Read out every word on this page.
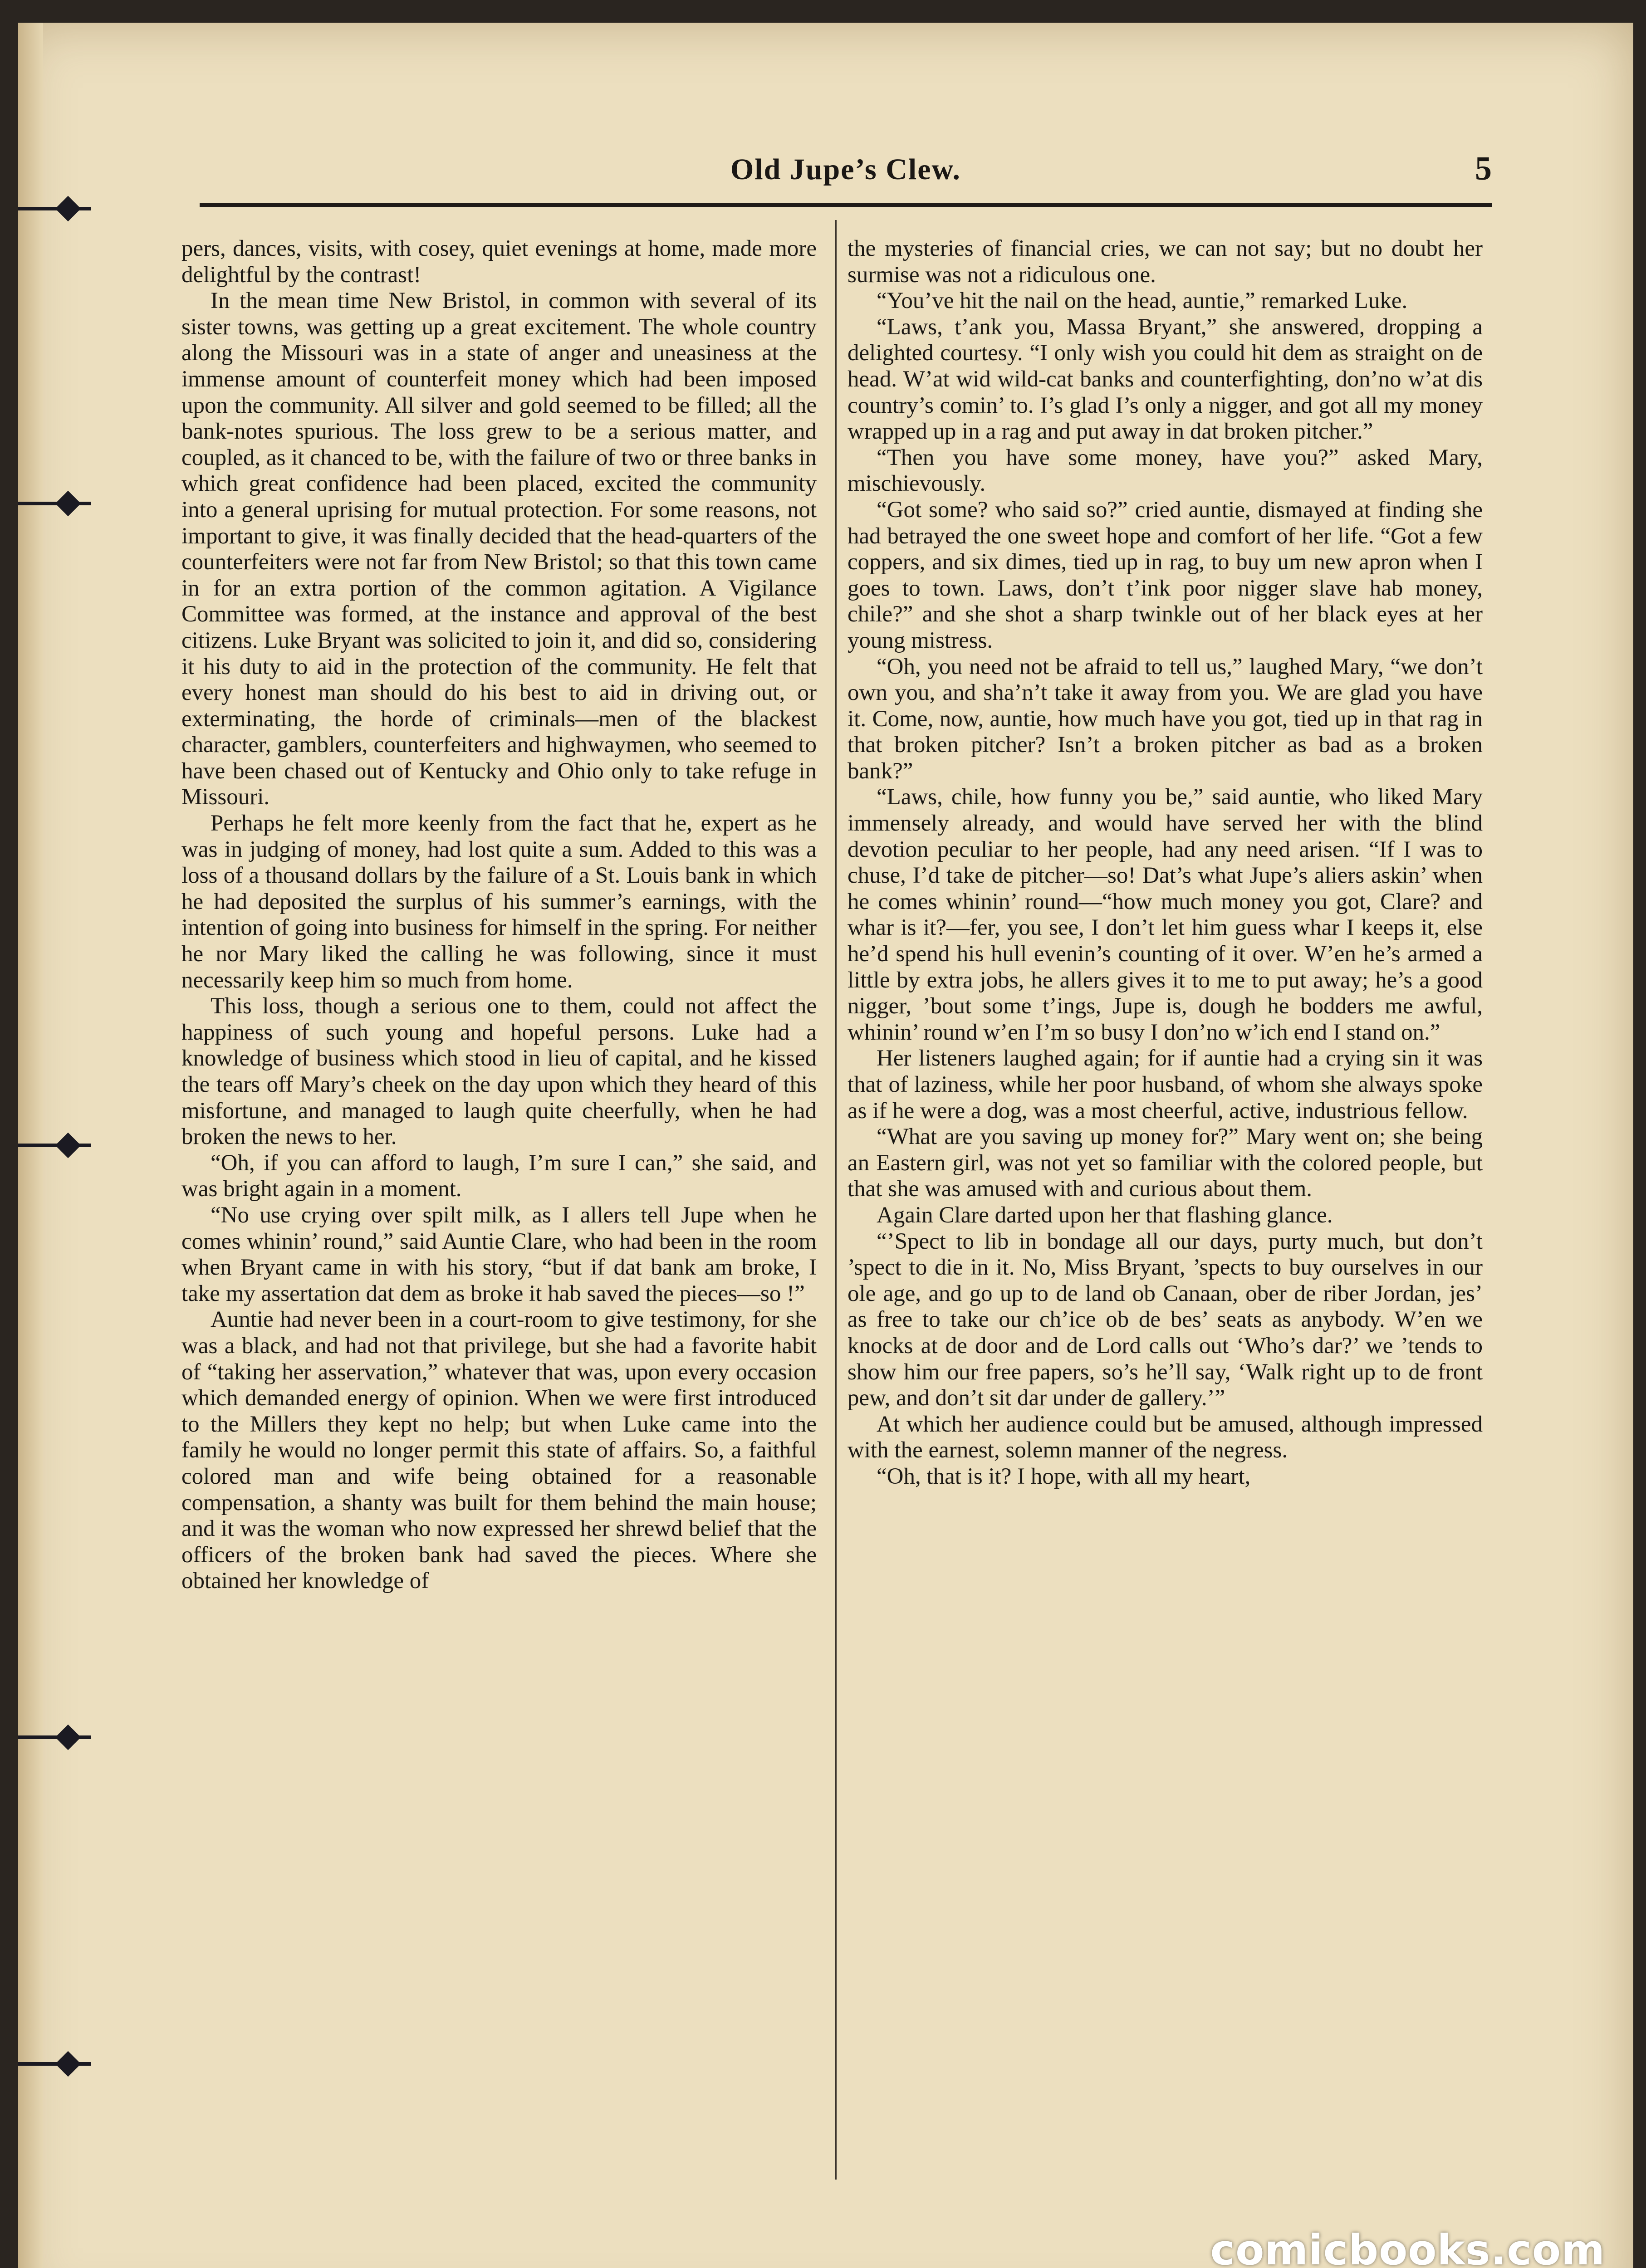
Old Jupe’s Clew.	5

pers, dances, visits, with cosey, quiet evenings at home, made more delightful by the contrast!

In the mean time New Bristol, in common with several of its sister towns, was getting up a great excitement. The whole country along the Missouri was in a state of anger and uneasiness at the immense amount of counterfeit money which had been imposed upon the community. All silver and gold seemed to be filled; all the bank-notes spurious. The loss grew to be a serious matter, and coupled, as it chanced to be, with the failure of two or three banks in which great confidence had been placed, excited the community into a general uprising for mutual protection. For some reasons, not important to give, it was finally decided that the head-quarters of the counterfeiters were not far from New Bristol; so that this town came in for an extra portion of the common agitation. A Vigilance Committee was formed, at the instance and approval of the best citizens. Luke Bryant was solicited to join it, and did so, considering it his duty to aid in the protection of the community. He felt that every honest man should do his best to aid in driving out, or exterminating, the horde of criminals—men of the blackest character, gamblers, counterfeiters and highwaymen, who seemed to have been chased out of Kentucky and Ohio only to take refuge in Missouri.

Perhaps he felt more keenly from the fact that he, expert as he was in judging of money, had lost quite a sum. Added to this was a loss of a thousand dollars by the failure of a St. Louis bank in which he had deposited the surplus of his summer’s earnings, with the intention of going into business for himself in the spring. For neither he nor Mary liked the calling he was following, since it must necessarily keep him so much from home.

This loss, though a serious one to them, could not affect the happiness of such young and hopeful persons. Luke had a knowledge of business which stood in lieu of capital, and he kissed the tears off Mary’s cheek on the day upon which they heard of this misfortune, and managed to laugh quite cheerfully, when he had broken the news to her.

“Oh, if you can afford to laugh, I’m sure I can,” she said, and was bright again in a moment.

“No use crying over spilt milk, as I allers tell Jupe when he comes whinin’ round,” said Auntie Clare, who had been in the room when Bryant came in with his story, “but if dat bank am broke, I take my assertation dat dem as broke it hab saved the pieces—so !”

Auntie had never been in a court-room to give testimony, for she was a black, and had not that privilege, but she had a favorite habit of “taking her asservation,” whatever that was, upon every occasion which demanded energy of opinion. When we were first introduced to the Millers they kept no help; but when Luke came into the family he would no longer permit this state of affairs. So, a faithful colored man and wife being obtained for a reasonable compensation, a shanty was built for them behind the main house; and it was the woman who now expressed her shrewd belief that the officers of the broken bank had saved the pieces. Where she obtained her knowledge of

the mysteries of financial cries, we can not say; but no doubt her surmise was not a ridiculous one.

“You’ve hit the nail on the head, auntie,” remarked Luke.

“Laws, t’ank you, Massa Bryant,” she answered, dropping a delighted courtesy. “I only wish you could hit dem as straight on de head. W’at wid wild-cat banks and counterfighting, don’no w’at dis country’s comin’ to. I’s glad I’s only a nigger, and got all my money wrapped up in a rag and put away in dat broken pitcher.”

“Then you have some money, have you?” asked Mary, mischievously.

“Got some? who said so?” cried auntie, dismayed at finding she had betrayed the one sweet hope and comfort of her life. “Got a few coppers, and six dimes, tied up in rag, to buy um new apron when I goes to town. Laws, don’t t’ink poor nigger slave hab money, chile?” and she shot a sharp twinkle out of her black eyes at her young mistress.

“Oh, you need not be afraid to tell us,” laughed Mary, “we don’t own you, and sha’n’t take it away from you. We are glad you have it. Come, now, auntie, how much have you got, tied up in that rag in that broken pitcher? Isn’t a broken pitcher as bad as a broken bank?”

“Laws, chile, how funny you be,” said auntie, who liked Mary immensely already, and would have served her with the blind devotion peculiar to her people, had any need arisen. “If I was to chuse, I’d take de pitcher—so! Dat’s what Jupe’s aliers askin’ when he comes whinin’ round—“how much money you got, Clare? and whar is it?—fer, you see, I don’t let him guess whar I keeps it, else he’d spend his hull evenin’s counting of it over. W’en he’s armed a little by extra jobs, he allers gives it to me to put away; he’s a good nigger, ’bout some t’ings, Jupe is, dough he bodders me awful, whinin’ round w’en I’m so busy I don’no w’ich end I stand on.”

Her listeners laughed again; for if auntie had a crying sin it was that of laziness, while her poor husband, of whom she always spoke as if he were a dog, was a most cheerful, active, industrious fellow.

“What are you saving up money for?” Mary went on; she being an Eastern girl, was not yet so familiar with the colored people, but that she was amused with and curious about them.

Again Clare darted upon her that flashing glance.

“’Spect to lib in bondage all our days, purty much, but don’t ’spect to die in it. No, Miss Bryant, ’spects to buy ourselves in our ole age, and go up to de land ob Canaan, ober de riber Jordan, jes’ as free to take our ch’ice ob de bes’ seats as anybody. W’en we knocks at de door and de Lord calls out ‘Who’s dar?’ we ’tends to show him our free papers, so’s he’ll say, ‘Walk right up to de front pew, and don’t sit dar under de gallery.’”

At which her audience could but be amused, although impressed with the earnest, solemn manner of the negress.

“Oh, that is it? I hope, with all my heart,

comicbooks.com
